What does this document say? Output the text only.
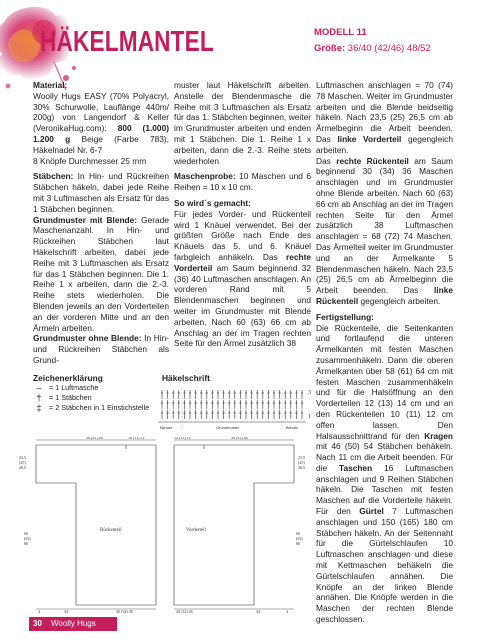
HÄKELMANTEL	MODELL 11
Größe: 36/40 (42/46) 48/52

Material:

Woolly Hugs EASY (70% Polyacryl, 30% Schurwolle, Lauflänge 440m/ 200g) von Langendorf & Keller (VeronikaHug.com): 800 (1.000) 1.200 g Beige (Farbe 783), Häkelnadel Nr. 6-7

8 Knöpfe Durchmesser 25 mm

Stäbchen: In Hin- und Rückreihen Stäbchen häkeln, dabei jede Reihe mit 3 Luftmaschen als Ersatz für das 1 Stäbchen beginnen.

Grundmuster mit Blende: Gerade Maschenanzahl. In Hin- und Rückreihen Stäbchen laut Häkelschrift arbeiten, dabei jede Reihe mit 3 Luftmaschen als Ersatz für das 1 Stäbchen beginnen. Die 1. Reihe 1 x arbeiten, dann die 2.-3. Reihe stets wiederholen. Die Blenden jeweils an den Vorderteilen an der vorderen Mitte und an den Ärmeln arbeiten.

Grundmuster ohne Blende: In Hin- und Rückreihen Stäbchen als Grund-

muster laut Häkelschrift arbeiten. Anstelle der Blendenmasche die Reihe mit 3 Luftmaschen als Ersatz für das 1. Stäbchen beginnen, weiter im Grundmuster arbeiten und enden mit 1 Stäbchen. Die 1. Reihe 1 x arbeiten, dann die 2.-3. Reihe stets wiederholen

Maschenprobe: 10 Maschen und 6 Reihen = 10 x 10 cm.

So wird´s gemacht:

Für jedes Vorder- und Rückenteil wird 1 Knäuel verwendet. Bei der größten Größe nach Ende des Knäuels das 5. und 6. Knäuel farbgleich anhäkeln. Das rechte Vorderteil am Saum beginnend 32 (36) 40 Luftmaschen anschlagen. An vorderen Rand mit 5 Blendenmaschen beginnen und weiter im Grundmuster mit Blende arbeiten. Nach 60 (63) 66 cm ab Anschlag an der im Tragen rechten Seite für den Ärmel zusätzlich 38

Luftmaschen anschlagen = 70 (74) 78 Maschen. Weiter im Grundmuster arbeiten und die Blende beidseitig häkeln. Nach 23,5 (25) 26,5 cm ab Ärmelbeginn die Arbeit beenden. Das linke Vorderteil gegengleich arbeiten.

Das rechte Rückenteil am Saum beginnend 30 (34) 36 Maschen anschlagen und im Grundmuster ohne Blende arbeiten. Nach 60 (63) 66 cm ab Anschlag an der im Tragen rechten Seite für den Ärmel zusätzlich 38 Luftmaschen anschlagen = 68 (72) 74 Maschen. Das Ärmelteil weiter im Grundmuster und an der Ärmelkante 5 Blendenmaschen häkeln. Nach 23,5 (25) 26,5 cm ab Ärmelbeginn die Arbeit beenden. Das linke Rückenteil gegengleich arbeiten.

Fertigstellung:

Die Rückenteile, die Seitenkanten und fortlaufend die unteren Ärmelkanten mit festen Maschen zusammenhäkeln. Dann die oberen Ärmelkanten über 58 (61) 64 cm mit festen Maschen zusammenhäkeln und für die Halsöffnung an den Vorderteilen 12 (13) 14 cm und an den Rückenteilen 10 (11) 12 cm offen lassen. Den Halsausschnittrand für den Kragen mit 46 (50) 54 Stäbchen behäkeln. Nach 11 cm die Arbeit beenden. Für die Taschen 16 Luftmaschen anschlagen und 9 Reihen Stäbchen häkeln. Die Taschen mit festen Maschen auf die Vorderteile häkeln. Für den Gürtel 7 Luftmaschen anschlagen und 150 (165) 180 cm Stäbchen häkeln. An der Seitennaht für die Gürtelschlaufen 10 Luftmaschen anschlagen und diese mit Kettmaschen behäkeln die Gürtelschlaufen annähen. Die Knöpfe an der linken Blende annähen. Die Knöpfe werden in die Maschen der rechten Blende geschlossen.

Zeichenerklärung
–	= 1 Luftmasche
†	= 1 Stäbchen
‡	= 2 Stäbchen in 1 Einstichstelle
Häkelschrift
3
1
Blende	Grundmuster	Blende
38 (41) 44	10 (11) 12	12 (13) 14	38 (41) 44
23,5
(25)
26,5
23,5
(25)
26,5
60
(63)
66
60
(63)
66
4	34	30 (34) 38	28 (32) 36	34	4
Rückenteil	Vorderteil
30 Woolly Hugs
